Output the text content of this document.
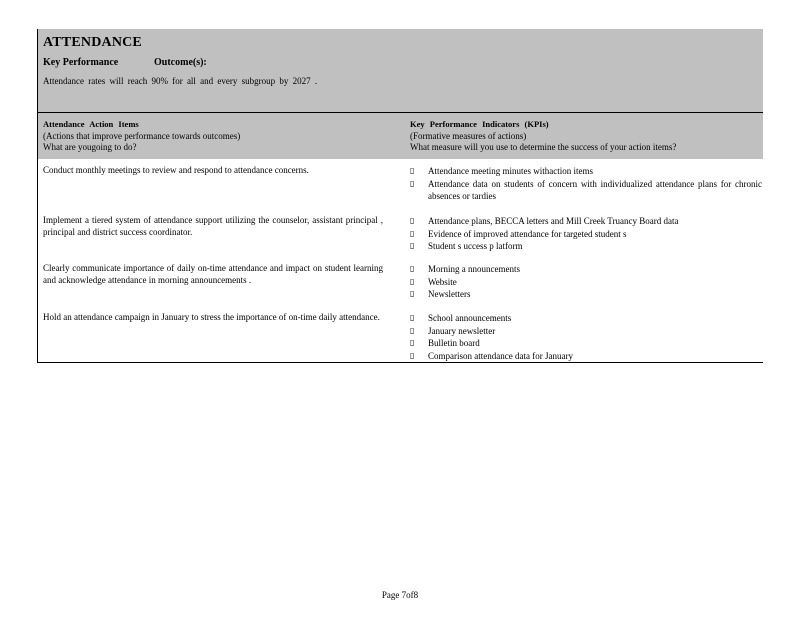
ATTENDANCE
Key Performance	Outcome(s):
Attendance rates will reach 90% for all and every subgroup by 2027 .
Attendance Action Items
(Actions that improve performance towards outcomes)
What are yougoing to do?
Key Performance Indicators (KPIs)
(Formative measures of actions)
What measure will you use to determine the success of your action items?
Conduct monthly meetings to review and respond to attendance concerns.	▯	Attendance meeting minutes withaction items
▯	Attendance data on students of concern with individualized attendance plans for chronic absences or tardies
Implement a tiered system of attendance support utilizing the counselor, assistant principal , principal and district success coordinator.
▯	Attendance plans, BECCA letters and Mill Creek Truancy Board data
▯	Evidence of improved attendance for targeted student s
▯	Student s uccess p latform
Clearly communicate importance of daily on-time attendance and impact on student learning and acknowledge attendance in morning announcements .
▯	Morning a nnouncements
▯	Website
▯	Newsletters
Hold an attendance campaign in January to stress the importance of on-time daily attendance.	▯	School announcements
▯	January newsletter
▯	Bulletin board
▯	Comparison attendance data for January
Page 7of8
